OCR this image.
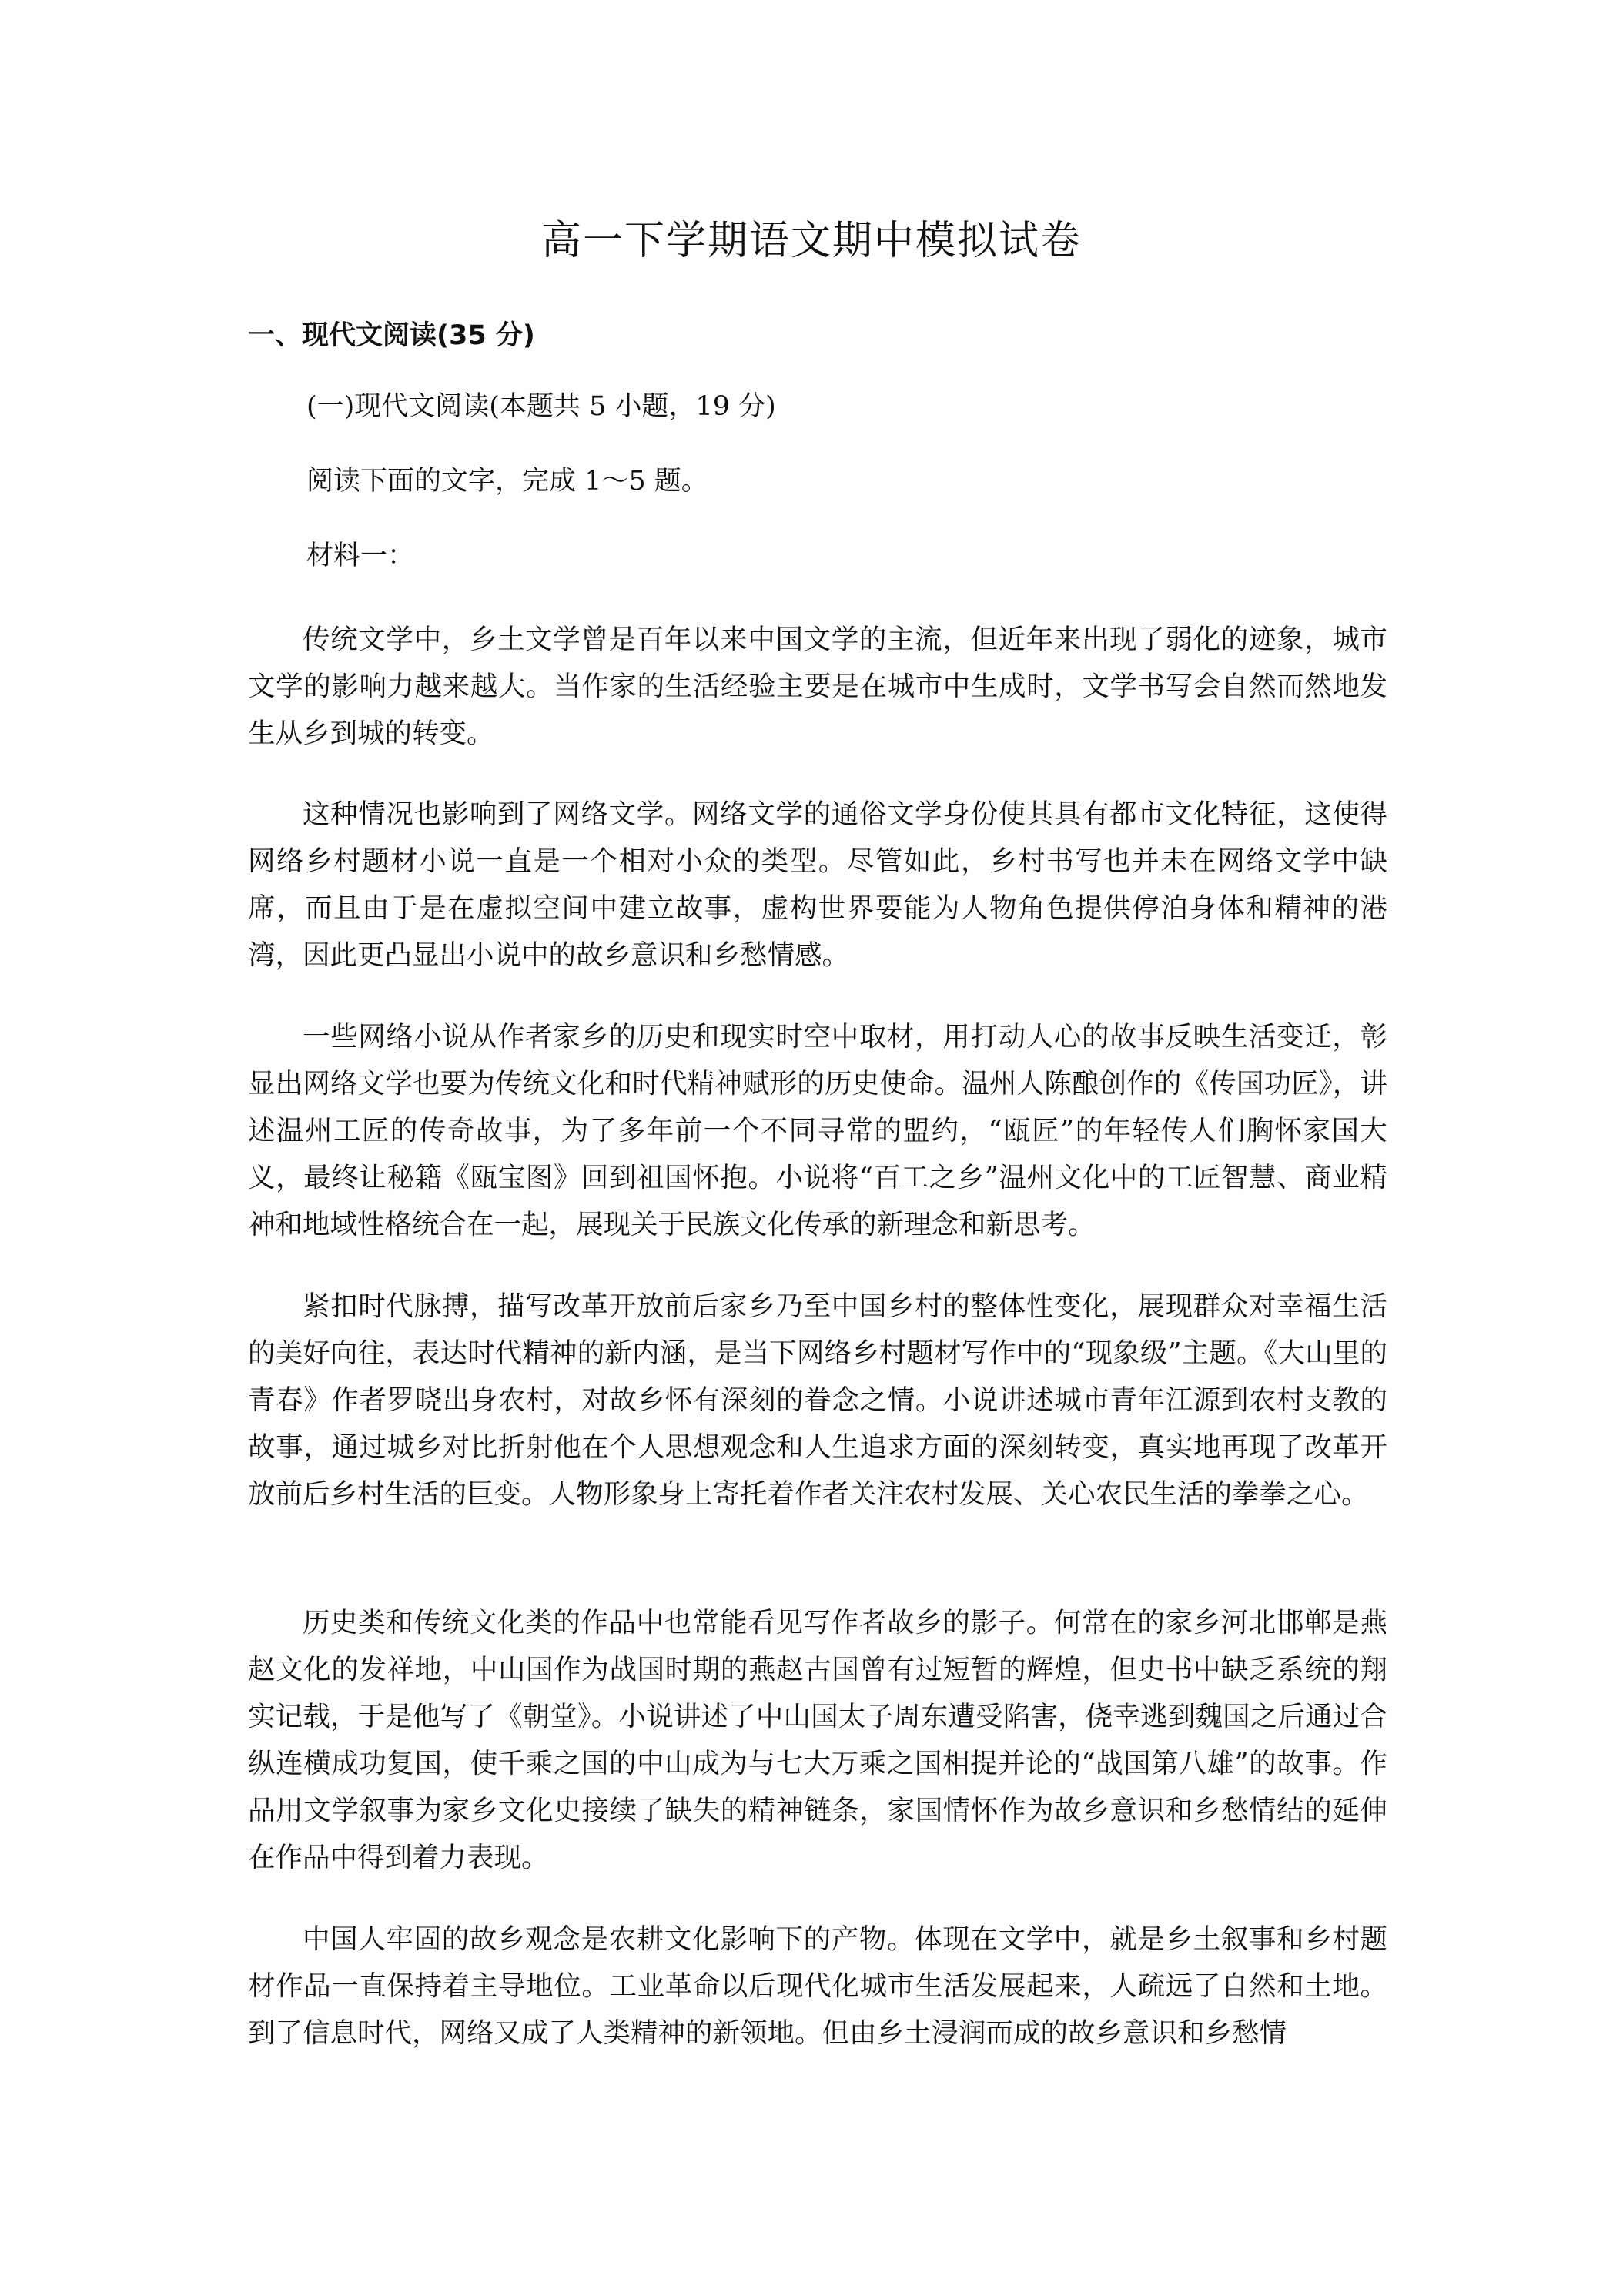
高一下学期语文期中模拟试卷
一、现代文阅读(35 分)
(一)现代文阅读(本题共 5 小题，19 分)
阅读下面的文字，完成 1～5 题。
材料一：

传统文学中，乡土文学曾是百年以来中国文学的主流，但近年来出现了弱化的迹象，城市文学的影响力越来越大。当作家的生活经验主要是在城市中生成时，文学书写会自然而然地发生从乡到城的转变。

这种情况也影响到了网络文学。网络文学的通俗文学身份使其具有都市文化特征，这使得网络乡村题材小说一直是一个相对小众的类型。尽管如此，乡村书写也并未在网络文学中缺席，而且由于是在虚拟空间中建立故事，虚构世界要能为人物角色提供停泊身体和精神的港湾，因此更凸显出小说中的故乡意识和乡愁情感。

一些网络小说从作者家乡的历史和现实时空中取材，用打动人心的故事反映生活变迁，彰显出网络文学也要为传统文化和时代精神赋形的历史使命。温州人陈酿创作的《传国功匠》，讲述温州工匠的传奇故事，为了多年前一个不同寻常的盟约，“瓯匠”的年轻传人们胸怀家国大义，最终让秘籍《瓯宝图》回到祖国怀抱。小说将“百工之乡”温州文化中的工匠智慧、商业精神和地域性格统合在一起，展现关于民族文化传承的新理念和新思考。

紧扣时代脉搏，描写改革开放前后家乡乃至中国乡村的整体性变化，展现群众对幸福生活的美好向往，表达时代精神的新内涵，是当下网络乡村题材写作中的“现象级”主题。《大山里的青春》作者罗晓出身农村，对故乡怀有深刻的眷念之情。小说讲述城市青年江源到农村支教的故事，通过城乡对比折射他在个人思想观念和人生追求方面的深刻转变，真实地再现了改革开放前后乡村生活的巨变。人物形象身上寄托着作者关注农村发展、关心农民生活的拳拳之心。

历史类和传统文化类的作品中也常能看见写作者故乡的影子。何常在的家乡河北邯郸是燕赵文化的发祥地，中山国作为战国时期的燕赵古国曾有过短暂的辉煌，但史书中缺乏系统的翔实记载，于是他写了《朝堂》。小说讲述了中山国太子周东遭受陷害，侥幸逃到魏国之后通过合纵连横成功复国，使千乘之国的中山成为与七大万乘之国相提并论的“战国第八雄”的故事。作品用文学叙事为家乡文化史接续了缺失的精神链条，家国情怀作为故乡意识和乡愁情结的延伸在作品中得到着力表现。

中国人牢固的故乡观念是农耕文化影响下的产物。体现在文学中，就是乡土叙事和乡村题材作品一直保持着主导地位。工业革命以后现代化城市生活发展起来，人疏远了自然和土地。到了信息时代，网络又成了人类精神的新领地。但由乡土浸润而成的故乡意识和乡愁情
